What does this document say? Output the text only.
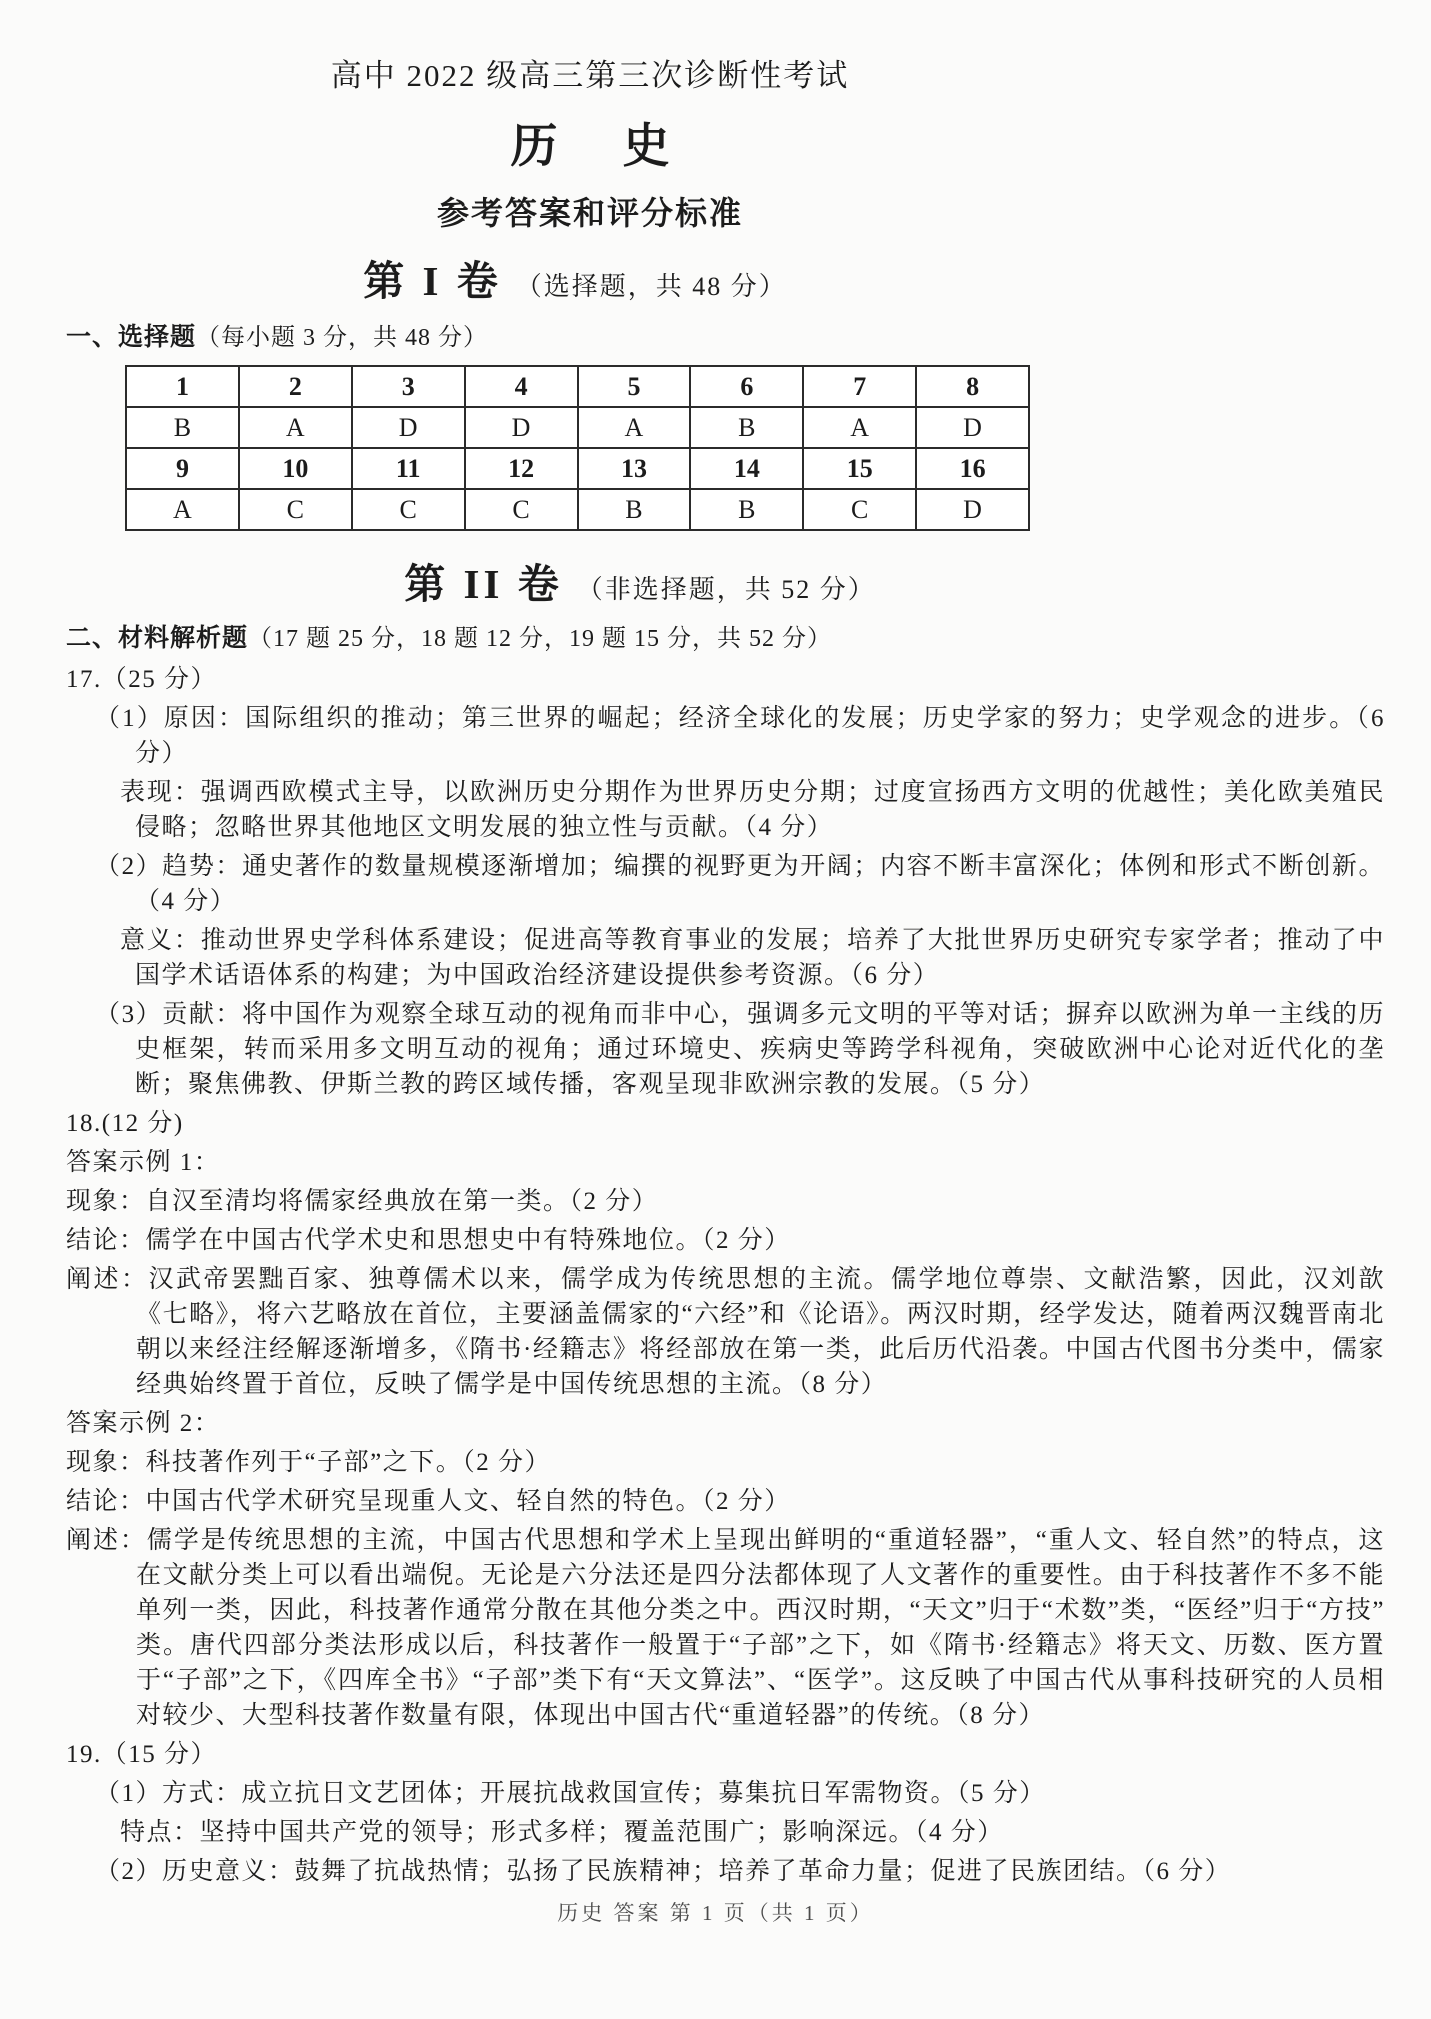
高中 2022 级高三第三次诊断性考试
历 史
参考答案和评分标准
第 I 卷 （选择题，共 48 分）
一、选择题（每小题 3 分，共 48 分）
1	2	3	4	5	6	7	8
B	A	D	D	A	B	A	D
9	10	11	12	13	14	15	16
A	C	C	C	B	B	C	D
第 II 卷 （非选择题，共 52 分）
二、材料解析题（17 题 25 分，18 题 12 分，19 题 15 分，共 52 分）

17.（25 分）

（1）原因：国际组织的推动；第三世界的崛起；经济全球化的发展；历史学家的努力；史学观念的进步。（6 分）

表现：强调西欧模式主导，以欧洲历史分期作为世界历史分期；过度宣扬西方文明的优越性；美化欧美殖民侵略；忽略世界其他地区文明发展的独立性与贡献。（4 分）

（2）趋势：通史著作的数量规模逐渐增加；编撰的视野更为开阔；内容不断丰富深化；体例和形式不断创新。（4 分）

意义：推动世界史学科体系建设；促进高等教育事业的发展；培养了大批世界历史研究专家学者；推动了中国学术话语体系的构建；为中国政治经济建设提供参考资源。（6 分）

（3）贡献：将中国作为观察全球互动的视角而非中心，强调多元文明的平等对话；摒弃以欧洲为单一主线的历史框架，转而采用多文明互动的视角；通过环境史、疾病史等跨学科视角，突破欧洲中心论对近代化的垄断；聚焦佛教、伊斯兰教的跨区域传播，客观呈现非欧洲宗教的发展。（5 分）

18.(12 分)

答案示例 1：

现象：自汉至清均将儒家经典放在第一类。（2 分）

结论：儒学在中国古代学术史和思想史中有特殊地位。（2 分）

阐述：汉武帝罢黜百家、独尊儒术以来，儒学成为传统思想的主流。儒学地位尊崇、文献浩繁，因此，汉刘歆《七略》，将六艺略放在首位，主要涵盖儒家的“六经”和《论语》。两汉时期，经学发达，随着两汉魏晋南北朝以来经注经解逐渐增多，《隋书·经籍志》将经部放在第一类，此后历代沿袭。中国古代图书分类中，儒家经典始终置于首位，反映了儒学是中国传统思想的主流。（8 分）

答案示例 2：

现象：科技著作列于“子部”之下。（2 分）

结论：中国古代学术研究呈现重人文、轻自然的特色。（2 分）

阐述：儒学是传统思想的主流，中国古代思想和学术上呈现出鲜明的“重道轻器”，“重人文、轻自然”的特点，这在文献分类上可以看出端倪。无论是六分法还是四分法都体现了人文著作的重要性。由于科技著作不多不能单列一类，因此，科技著作通常分散在其他分类之中。西汉时期，“天文”归于“术数”类，“医经”归于“方技”类。唐代四部分类法形成以后，科技著作一般置于“子部”之下，如《隋书·经籍志》将天文、历数、医方置于“子部”之下，《四库全书》“子部”类下有“天文算法”、“医学”。这反映了中国古代从事科技研究的人员相对较少、大型科技著作数量有限，体现出中国古代“重道轻器”的传统。（8 分）

19.（15 分）

（1）方式：成立抗日文艺团体；开展抗战救国宣传；募集抗日军需物资。（5 分）

特点：坚持中国共产党的领导；形式多样；覆盖范围广；影响深远。（4 分）

（2）历史意义：鼓舞了抗战热情；弘扬了民族精神；培养了革命力量；促进了民族团结。（6 分）

历史 答案 第 1 页（共 1 页）
